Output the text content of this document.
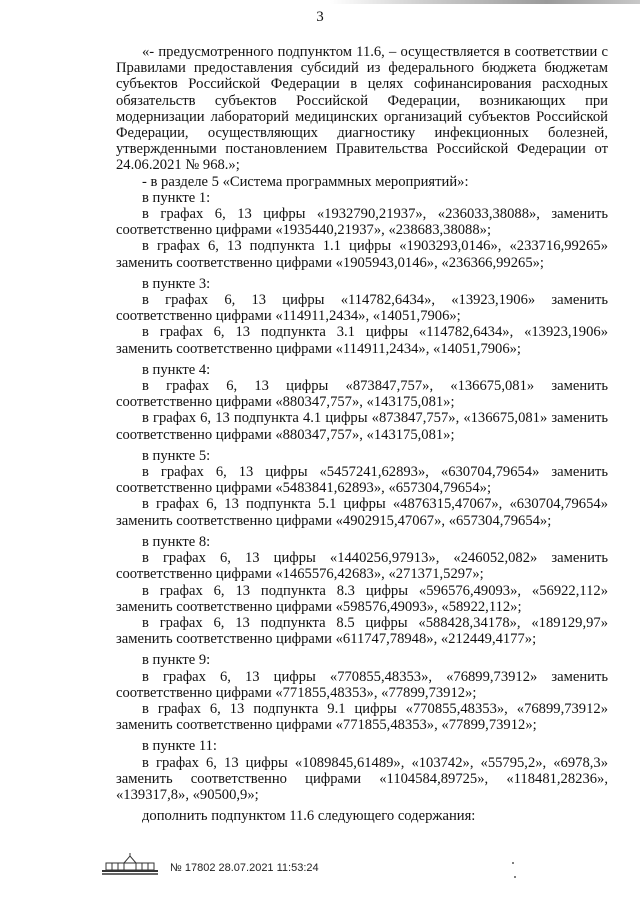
3

«- предусмотренного подпунктом 11.6, – осуществляется в соответствии с Правилами предоставления субсидий из федерального бюджета бюджетам субъектов Российской Федерации в целях софинансирования расходных обязательств субъектов Российской Федерации, возникающих при модернизации лабораторий медицинских организаций субъектов Российской Федерации, осуществляющих диагностику инфекционных болезней, утвержденными постановлением Правительства Российской Федерации от 24.06.2021 № 968.»;

- в разделе 5 «Система программных мероприятий»:

в пункте 1:

в графах 6, 13 цифры «1932790,21937», «236033,38088», заменить соответственно цифрами «1935440,21937», «238683,38088»;

в графах 6, 13 подпункта 1.1 цифры «1903293,0146», «233716,99265» заменить соответственно цифрами «1905943,0146», «236366,99265»;

в пункте 3:

в графах 6, 13 цифры «114782,6434», «13923,1906» заменить соответственно цифрами «114911,2434», «14051,7906»;

в графах 6, 13 подпункта 3.1 цифры «114782,6434», «13923,1906» заменить соответственно цифрами «114911,2434», «14051,7906»;

в пункте 4:

в графах 6, 13 цифры «873847,757», «136675,081» заменить соответственно цифрами «880347,757», «143175,081»;

в графах 6, 13 подпункта 4.1 цифры «873847,757», «136675,081» заменить соответственно цифрами «880347,757», «143175,081»;

в пункте 5:

в графах 6, 13 цифры «5457241,62893», «630704,79654» заменить соответственно цифрами «5483841,62893», «657304,79654»;

в графах 6, 13 подпункта 5.1 цифры «4876315,47067», «630704,79654» заменить соответственно цифрами «4902915,47067», «657304,79654»;

в пункте 8:

в графах 6, 13 цифры «1440256,97913», «246052,082» заменить соответственно цифрами «1465576,42683», «271371,5297»;

в графах 6, 13 подпункта 8.3 цифры «596576,49093», «56922,112» заменить соответственно цифрами «598576,49093», «58922,112»;

в графах 6, 13 подпункта 8.5 цифры «588428,34178», «189129,97» заменить соответственно цифрами «611747,78948», «212449,4177»;

в пункте 9:

в графах 6, 13 цифры «770855,48353», «76899,73912» заменить соответственно цифрами «771855,48353», «77899,73912»;

в графах 6, 13 подпункта 9.1 цифры «770855,48353», «76899,73912» заменить соответственно цифрами «771855,48353», «77899,73912»;

в пункте 11:

в графах 6, 13 цифры «1089845,61489», «103742», «55795,2», «6978,3» заменить соответственно цифрами «1104584,89725», «118481,28236», «139317,8», «90500,9»;

дополнить подпунктом 11.6 следующего содержания:

№ 17802 28.07.2021 11:53:24
